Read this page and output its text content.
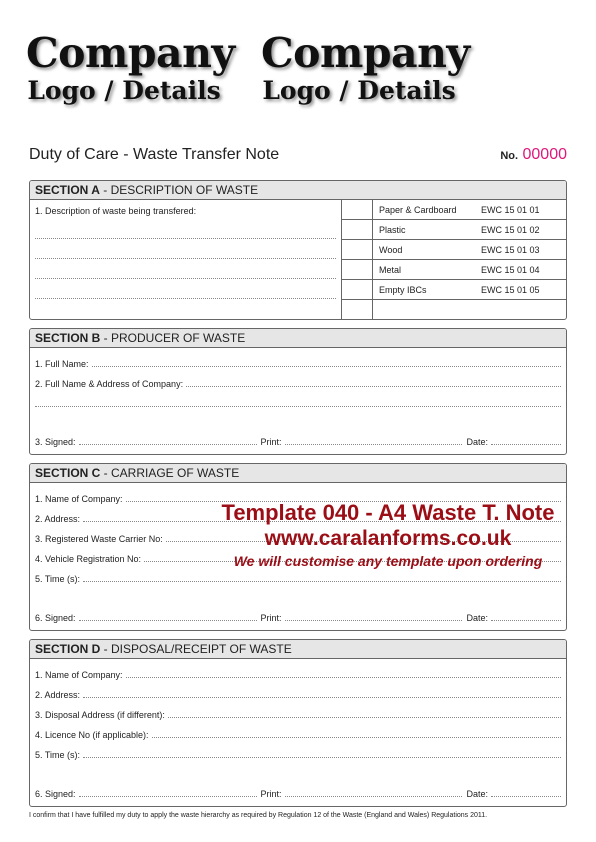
Company
Logo / Details
Company
Logo / Details
Duty of Care - Waste Transfer Note	No. 00000
SECTION A - DESCRIPTION OF WASTE
1. Description of waste being transfered:	Paper & Cardboard	EWC 15 01 01
Plastic	EWC 15 01 02
Wood	EWC 15 01 03
Metal	EWC 15 01 04
Empty IBCs	EWC 15 01 05
SECTION B - PRODUCER OF WASTE
1. Full Name:
2. Full Name & Address of Company:
3. Signed:	Print:	Date:
SECTION C - CARRIAGE OF WASTE
1. Name of Company:
2. Address:
3. Registered Waste Carrier No:
4. Vehicle Registration No:
5. Time (s):
6. Signed:	Print:	Date:
SECTION D - DISPOSAL/RECEIPT OF WASTE
1. Name of Company:
2. Address:
3. Disposal Address (if different):
4. Licence No (if applicable):
5. Time (s):
6. Signed:	Print:	Date:
Template 040 - A4 Waste T. Note
www.caralanforms.co.uk
We will customise any template upon ordering
I confirm that I have fulfilled my duty to apply the waste hierarchy as required by Regulation 12 of the Waste (England and Wales) Regulations 2011.
